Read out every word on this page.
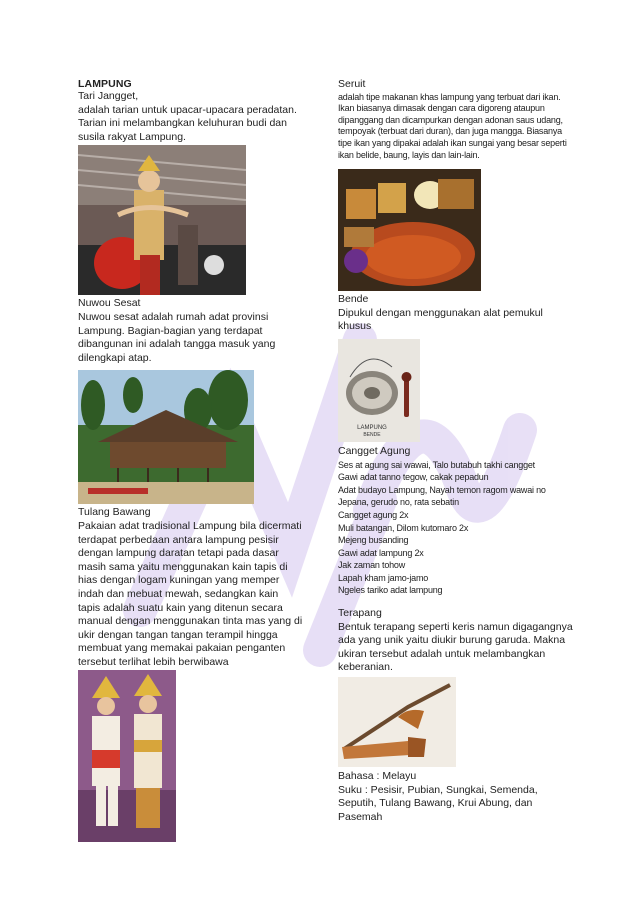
LAMPUNG
Tari Jangget,
adalah tarian untuk upacar-upacara peradatan. Tarian ini melambangkan keluhuran budi dan susila rakyat Lampung.
Nuwou Sesat
Nuwou sesat adalah rumah adat provinsi Lampung. Bagian-bagian yang terdapat dibangunan ini adalah tangga masuk yang dilengkapi atap.
Tulang Bawang
Pakaian adat tradisional Lampung bila dicermati terdapat perbedaan antara lampung pesisir dengan lampung daratan tetapi pada dasar masih sama yaitu menggunakan kain tapis di hias dengan logam kuningan yang memper indah dan mebuat mewah, sedangkan kain tapis adalah suatu kain yang ditenun secara manual dengan menggunakan tinta mas yang di ukir dengan tangan tangan terampil hingga membuat yang memakai pakaian penganten tersebut terlihat lebih berwibawa
Seruit
adalah tipe makanan khas lampung yang terbuat dari ikan. Ikan biasanya dimasak dengan cara digoreng ataupun dipanggang dan dicampurkan dengan adonan saus udang, tempoyak (terbuat dari duran), dan juga mangga. Biasanya tipe ikan yang dipakai adalah ikan sungai yang besar seperti ikan belide, baung, layis dan lain-lain.
Bende
Dipukul dengan menggunakan alat pemukul khusus
LAMPUNG
BENDE
Cangget Agung
Ses at agung sai wawai, Talo butabuh takhi cangget
Gawi adat tanno tegow, cakak pepadun
Adat budayo Lampung, Nayah temon ragom wawai no
Jepana, gerudo no, rata sebatin
Cangget agung 2x
Muli batangan, Dilom kutomaro 2x
Mejeng busanding
Gawi adat lampung 2x
Jak zaman tohow
Lapah kham jamo-jamo
Ngeles tariko adat lampung
Terapang
Bentuk terapang seperti keris namun digagangnya ada yang unik yaitu diukir burung garuda. Makna ukiran tersebut adalah untuk melambangkan keberanian.
Bahasa : Melayu
Suku : Pesisir, Pubian, Sungkai, Semenda, Seputih, Tulang Bawang, Krui Abung, dan Pasemah
